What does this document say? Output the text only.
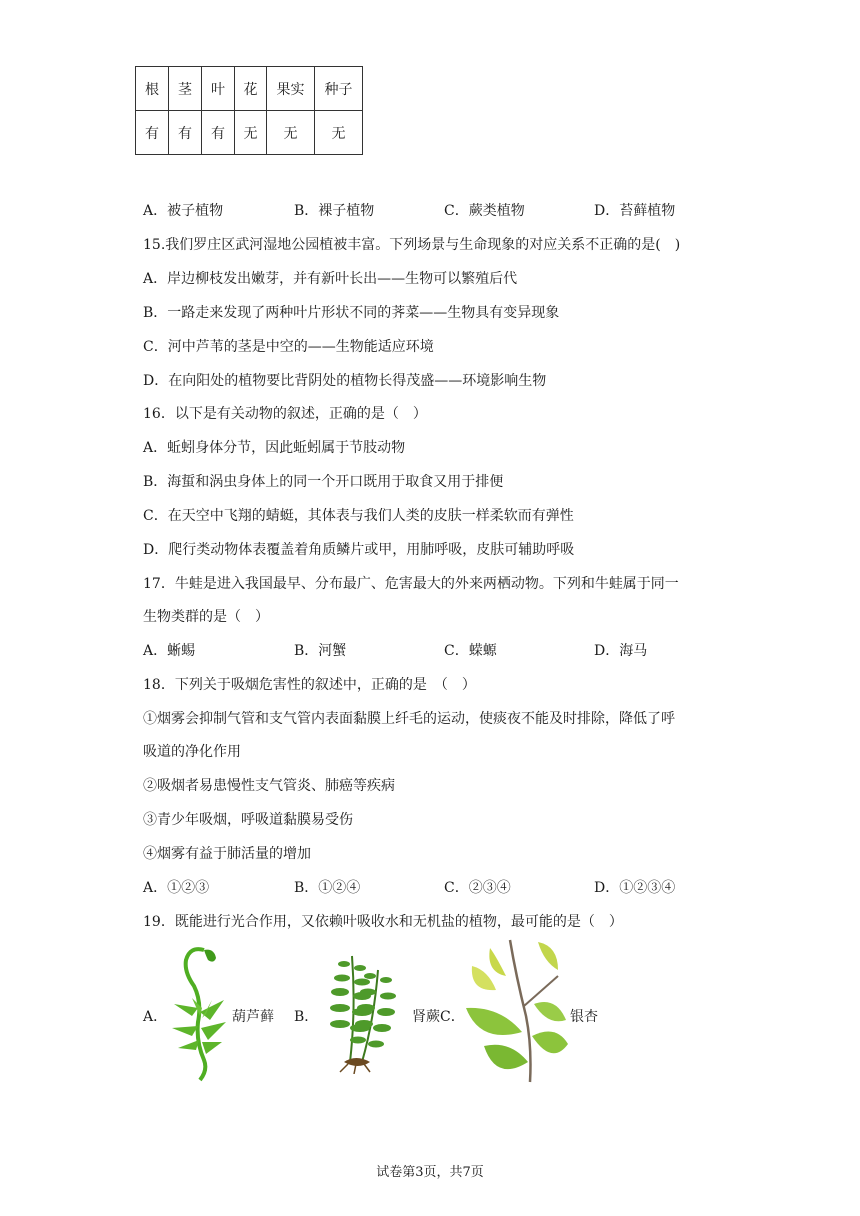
根	茎	叶	花	果实	种子
有	有	有	无	无	无
A．被子植物	B．裸子植物	C．蕨类植物	D．苔藓植物
15.我们罗庄区武河湿地公园植被丰富。下列场景与生命现象的对应关系不正确的是(　)
A．岸边柳枝发出嫩芽，并有新叶长出——生物可以繁殖后代
B．一路走来发现了两种叶片形状不同的荠菜——生物具有变异现象
C．河中芦苇的茎是中空的——生物能适应环境
D．在向阳处的植物要比背阴处的植物长得茂盛——环境影响生物
16．以下是有关动物的叙述，正确的是（　）
A．蚯蚓身体分节，因此蚯蚓属于节肢动物
B．海蜇和涡虫身体上的同一个开口既用于取食又用于排便
C．在天空中飞翔的蜻蜓，其体表与我们人类的皮肤一样柔软而有弹性
D．爬行类动物体表覆盖着角质鳞片或甲，用肺呼吸，皮肤可辅助呼吸
17．牛蛙是进入我国最早、分布最广、危害最大的外来两栖动物。下列和牛蛙属于同一
生物类群的是（　）
A．蜥蜴	B．河蟹	C．蝾螈	D．海马
18．下列关于吸烟危害性的叙述中，正确的是　（　）
①烟雾会抑制气管和支气管内表面黏膜上纤毛的运动，使痰夜不能及时排除，降低了呼
吸道的净化作用
②吸烟者易患慢性支气管炎、肺癌等疾病
③青少年吸烟，呼吸道黏膜易受伤
④烟雾有益于肺活量的增加
A．①②③	B．①②④	C．②③④	D．①②③④
19．既能进行光合作用，又依赖叶吸收水和无机盐的植物，最可能的是（　）
A．	葫芦藓 B．	肾蕨 C．	银杏
试卷第3页，共7页
